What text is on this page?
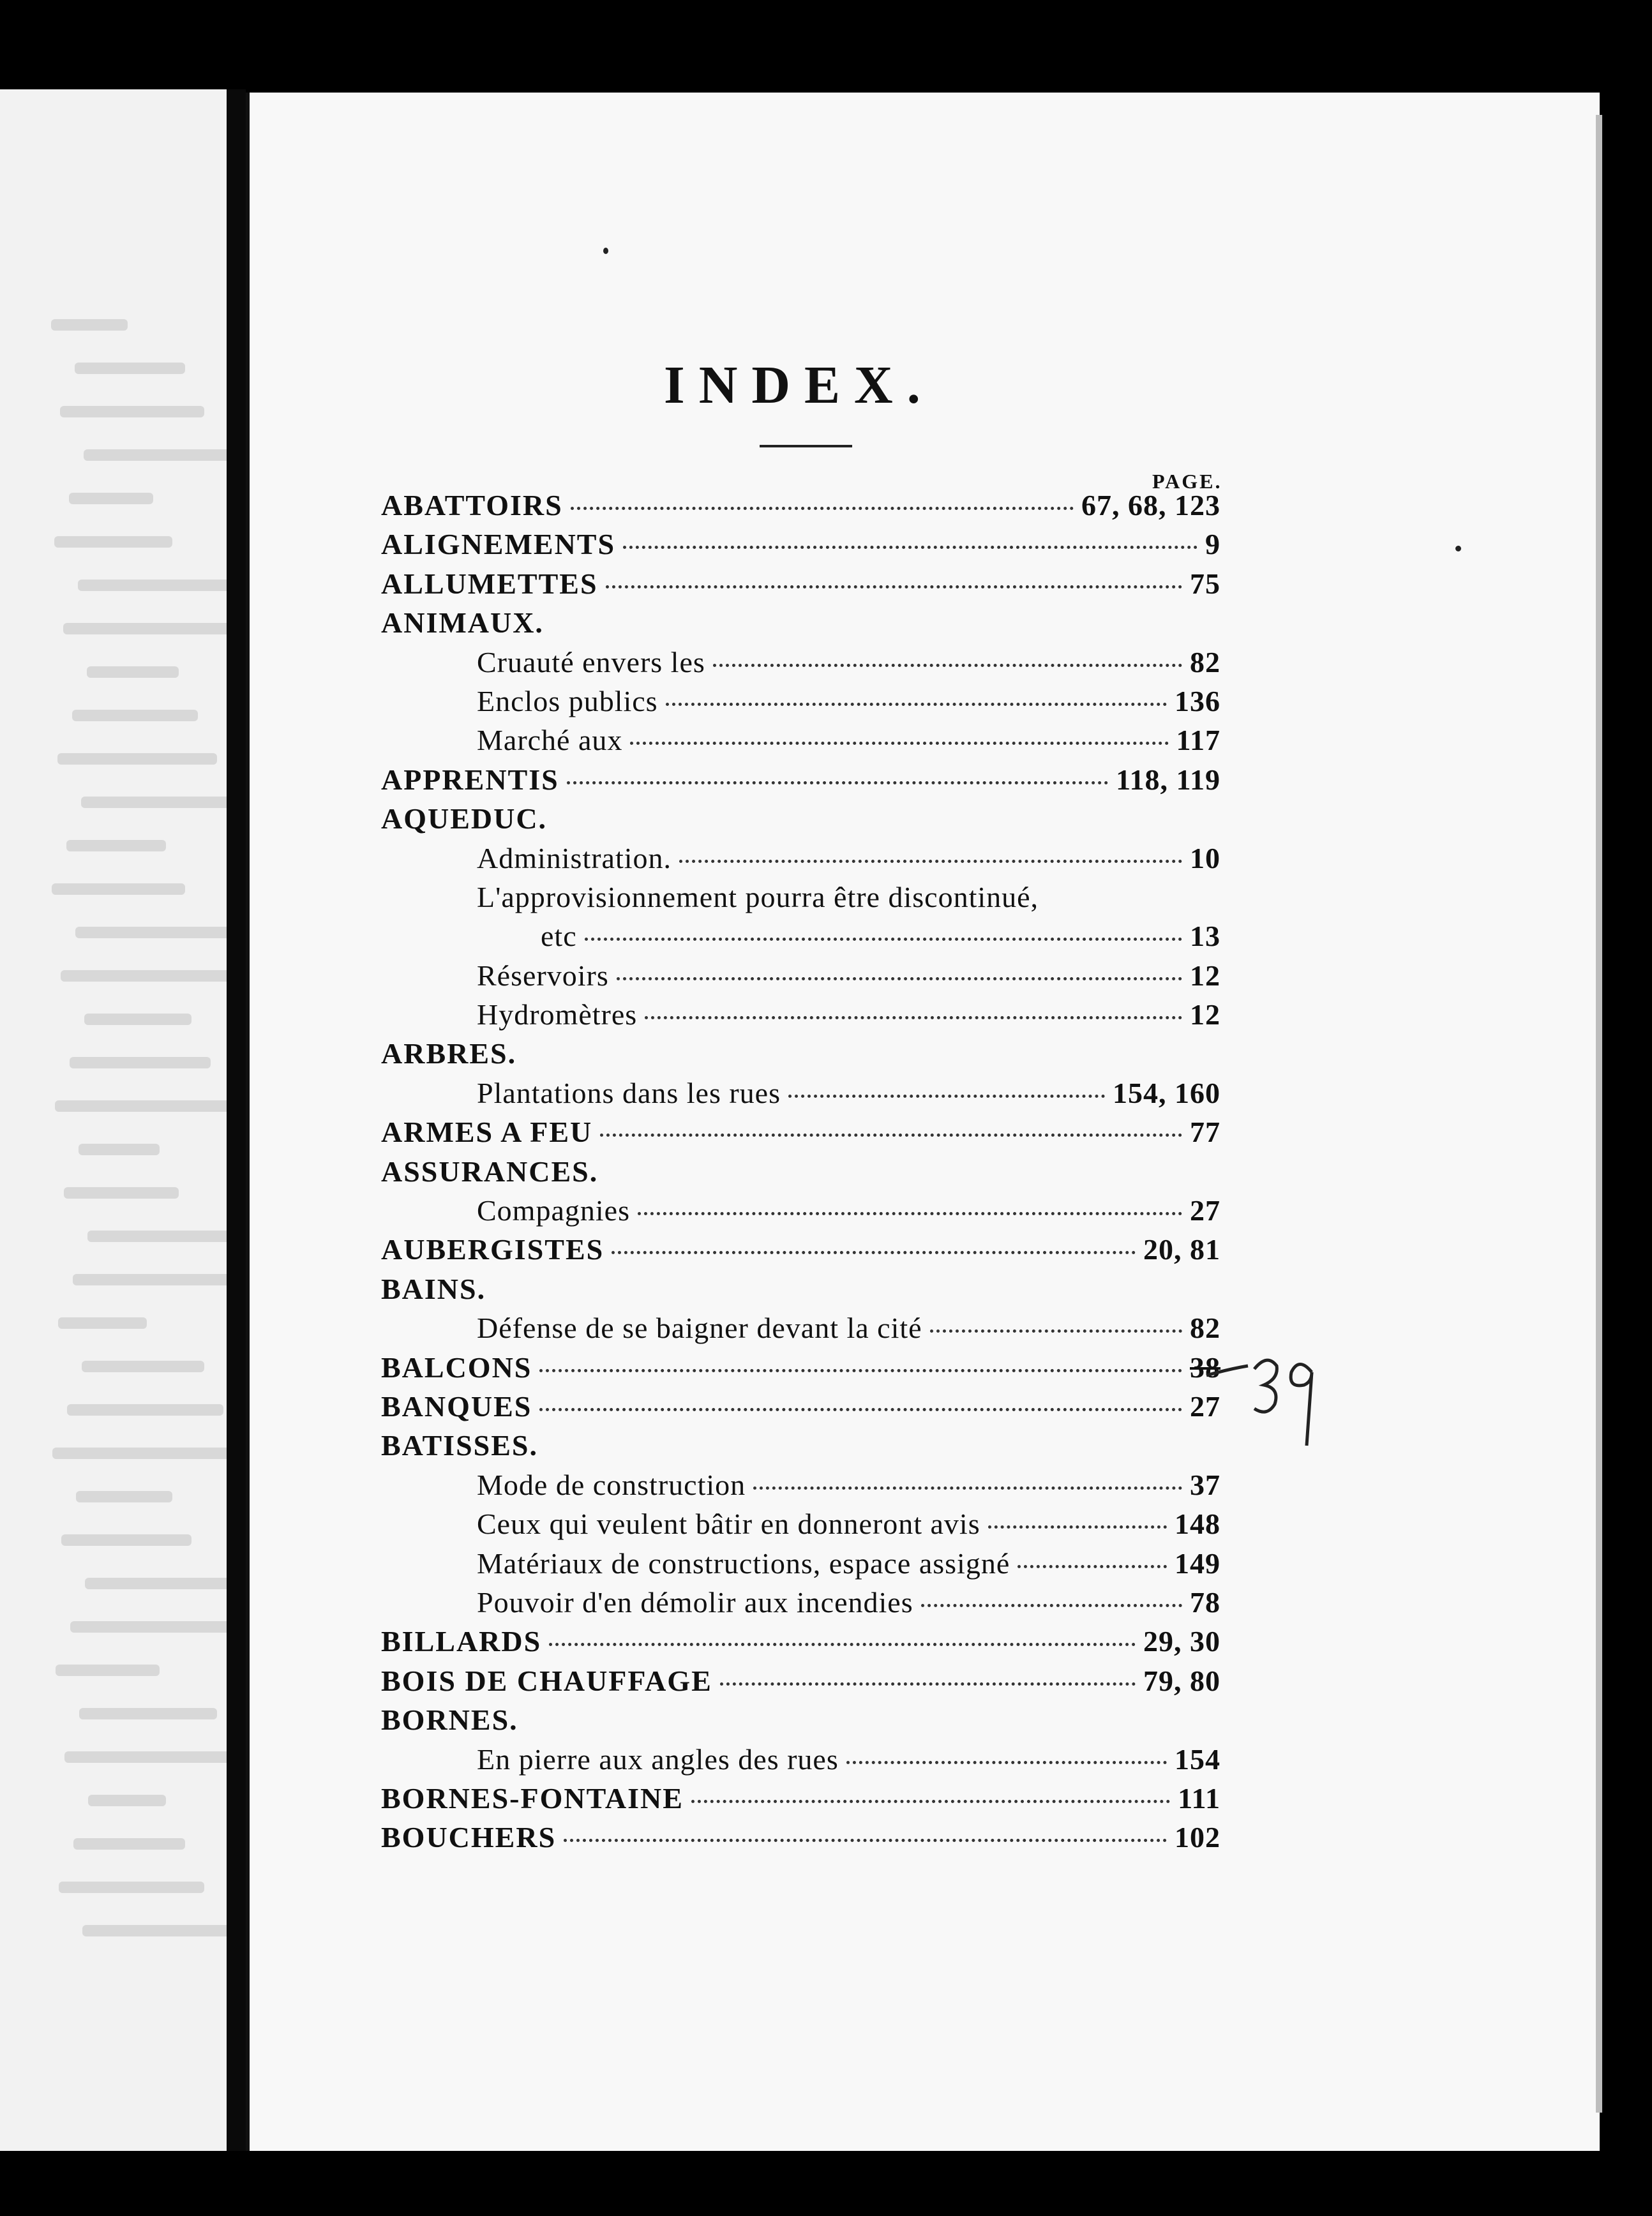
INDEX.
PAGE.
ABATTOIRS	67, 68, 123
ALIGNEMENTS	9
ALLUMETTES	75
ANIMAUX.
Cruauté envers les	82
Enclos publics	136
Marché aux	117
APPRENTIS	118, 119
AQUEDUC.
Administration.	10
L'approvisionnement pourra être discontinué,
etc	13
Réservoirs	12
Hydromètres	12
ARBRES.
Plantations dans les rues	154, 160
ARMES A FEU	77
ASSURANCES.
Compagnies	27
AUBERGISTES	20, 81
BAINS.
Défense de se baigner devant la cité	82
BALCONS	38
BANQUES	27
BATISSES.
Mode de construction	37
Ceux qui veulent bâtir en donneront avis	148
Matériaux de constructions, espace assigné	149
Pouvoir d'en démolir aux incendies	78
BILLARDS	29, 30
BOIS DE CHAUFFAGE	79, 80
BORNES.
En pierre aux angles des rues	154
BORNES-FONTAINE	111
BOUCHERS	102
